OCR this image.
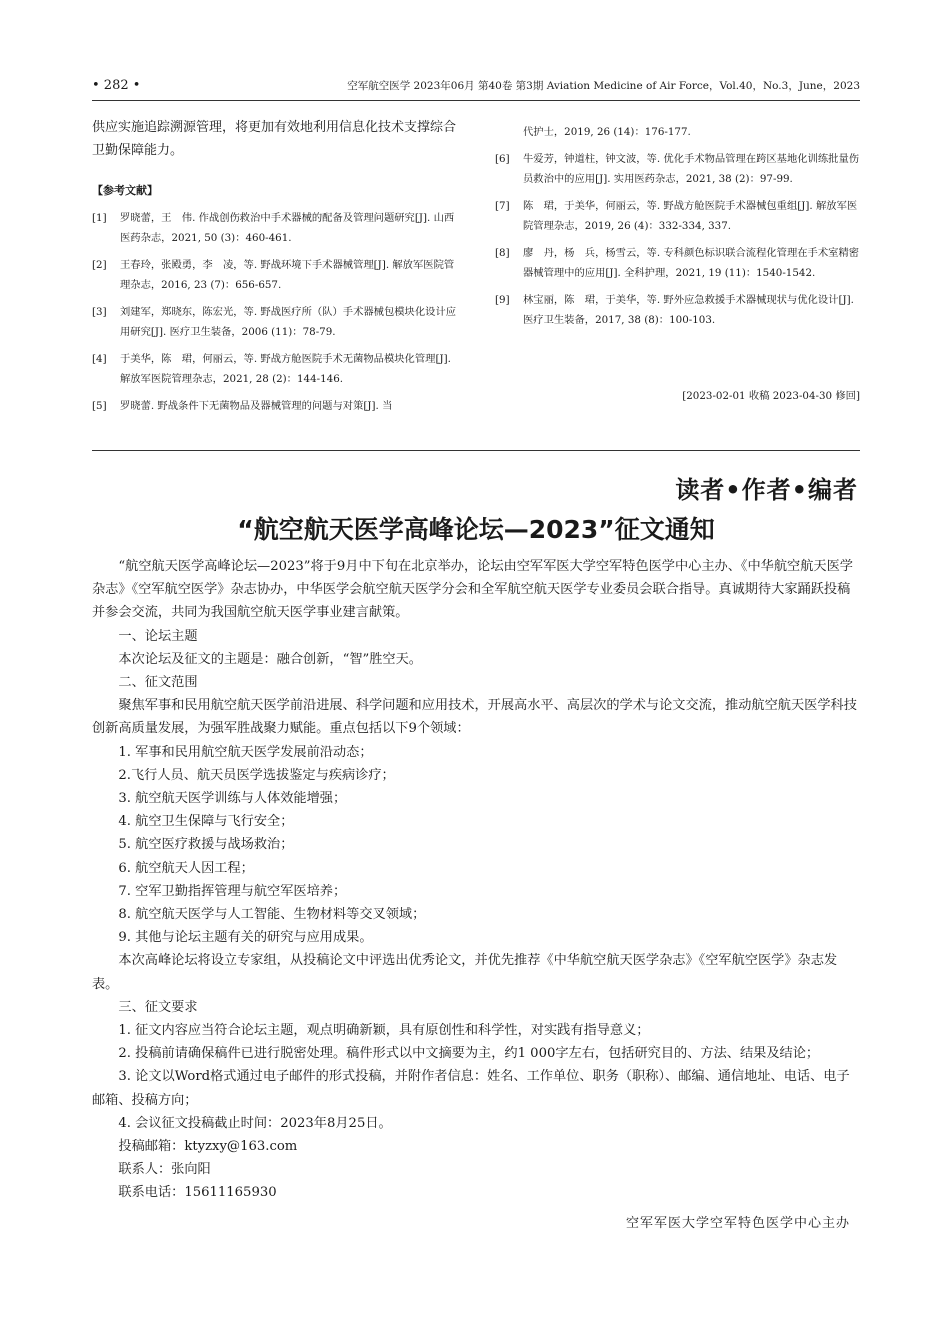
• 282 •	空军航空医学 2023年06月 第40卷 第3期 Aviation Medicine of Air Force，Vol.40，No.3，June，2023

供应实施追踪溯源管理，将更加有效地利用信息化技术支撑综合卫勤保障能力。

【参考文献】
[1] 罗晓蕾，王　伟. 作战创伤救治中手术器械的配备及管理问题研究[J]. 山西医药杂志，2021, 50 (3)：460-461.
[2] 王春玲，张殿勇，李　凌，等. 野战环境下手术器械管理[J]. 解放军医院管理杂志，2016, 23 (7)：656-657.
[3] 刘建军，郑晓东，陈宏光，等. 野战医疗所（队）手术器械包模块化设计应用研究[J]. 医疗卫生装备，2006 (11)：78-79.
[4] 于美华，陈　珺，何丽云，等. 野战方舱医院手术无菌物品模块化管理[J]. 解放军医院管理杂志，2021, 28 (2)：144-146.
[5] 罗晓蕾. 野战条件下无菌物品及器械管理的问题与对策[J]. 当
代护士，2019, 26 (14)：176-177.
[6] 牛爱芳，钟道柱，钟文波，等. 优化手术物品管理在跨区基地化训练批量伤员救治中的应用[J]. 实用医药杂志，2021, 38 (2)：97-99.
[7] 陈　珺，于美华，何丽云，等. 野战方舱医院手术器械包重组[J]. 解放军医院管理杂志，2019, 26 (4)：332-334, 337.
[8] 廖　丹，杨　兵，杨雪云，等. 专科颜色标识联合流程化管理在手术室精密器械管理中的应用[J]. 全科护理，2021, 19 (11)：1540-1542.
[9] 林宝丽，陈　珺，于美华，等. 野外应急救援手术器械现状与优化设计[J]. 医疗卫生装备，2017, 38 (8)：100-103.
[2023-02-01 收稿 2023-04-30 修回]
读者•作者•编者
“航空航天医学高峰论坛—2023”征文通知

“航空航天医学高峰论坛—2023”将于9月中下旬在北京举办，论坛由空军军医大学空军特色医学中心主办、《中华航空航天医学杂志》《空军航空医学》杂志协办，中华医学会航空航天医学分会和全军航空航天医学专业委员会联合指导。真诚期待大家踊跃投稿并参会交流，共同为我国航空航天医学事业建言献策。

一、论坛主题

本次论坛及征文的主题是：融合创新，“智”胜空天。

二、征文范围

聚焦军事和民用航空航天医学前沿进展、科学问题和应用技术，开展高水平、高层次的学术与论文交流，推动航空航天医学科技创新高质量发展，为强军胜战聚力赋能。重点包括以下9个领域：

1. 军事和民用航空航天医学发展前沿动态；

2.飞行人员、航天员医学选拔鉴定与疾病诊疗；

3. 航空航天医学训练与人体效能增强；

4. 航空卫生保障与飞行安全；

5. 航空医疗救援与战场救治；

6. 航空航天人因工程；

7. 空军卫勤指挥管理与航空军医培养；

8. 航空航天医学与人工智能、生物材料等交叉领域；

9. 其他与论坛主题有关的研究与应用成果。

本次高峰论坛将设立专家组，从投稿论文中评选出优秀论文，并优先推荐《中华航空航天医学杂志》《空军航空医学》杂志发表。

三、征文要求

1. 征文内容应当符合论坛主题，观点明确新颖，具有原创性和科学性，对实践有指导意义；

2. 投稿前请确保稿件已进行脱密处理。稿件形式以中文摘要为主，约1 000字左右，包括研究目的、方法、结果及结论；

3. 论文以Word格式通过电子邮件的形式投稿，并附作者信息：姓名、工作单位、职务（职称）、邮编、通信地址、电话、电子邮箱、投稿方向；

4. 会议征文投稿截止时间：2023年8月25日。

投稿邮箱：ktyzxy@163.com

联系人：张向阳

联系电话：15611165930

空军军医大学空军特色医学中心主办
